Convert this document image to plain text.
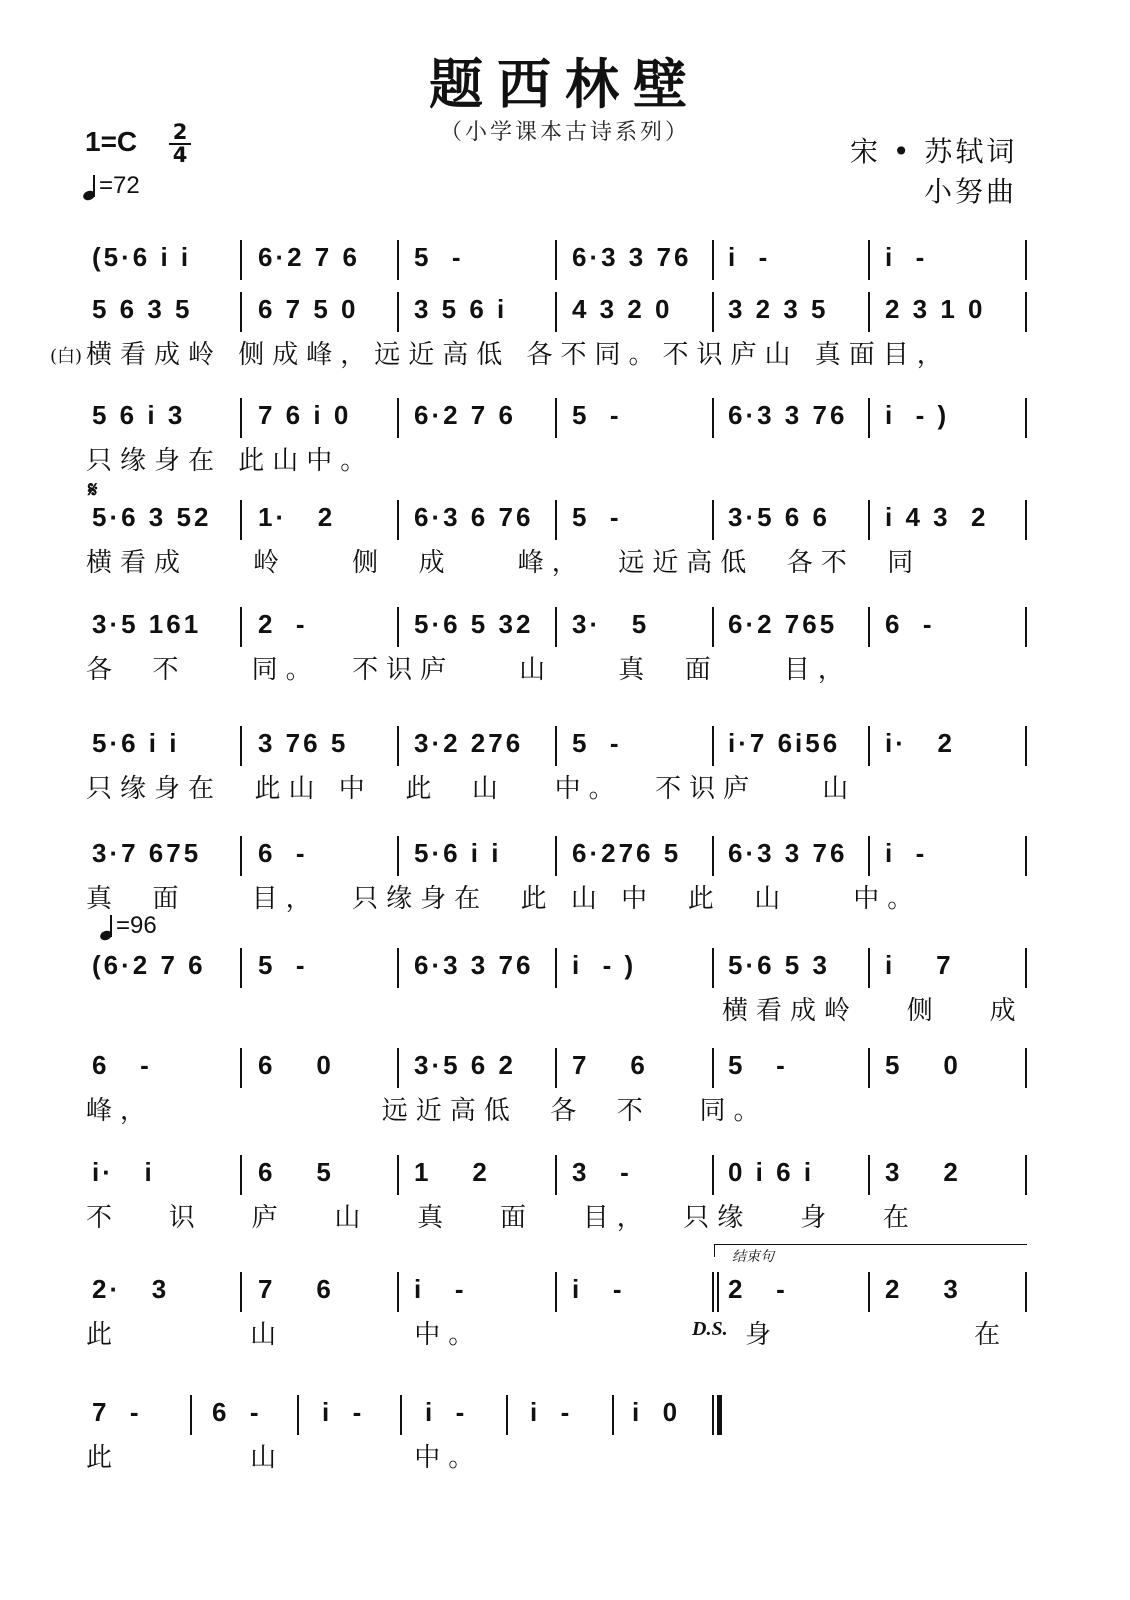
题西林壁
（小学课本古诗系列）
1=C 2
4
=72
宋 • 苏轼词
小努曲
=96
(5·6 i i	6·2 7 6 5  -	6·3 3 76 i  -	i  -
5 6 3 5	6 7 5 0 3 5 6 i 4 3 2 0 3 2 3 5 2 3 1 0
(白) 横看成岭 侧成峰，远近高低 各不同。不识庐山 真面目，
5 6 i 3	7 6 i 0 6·2 7 6 5  -	6·3 3 76 i  - )
只缘身在 此山中。
5·6 3 52 1·   2	6·3 6 76 5  -	3·5 6 6 i 4 3  2
𝄋
横看成    岭    侧  成    峰，  远近高低  各不  同
3·5 161 2  -	5·6 5 32 3·   5	6·2 765 6  -
各  不    同。  不识庐    山    真  面    目，
5·6 i i	3 76 5	3·2 276 5  -	i·7 6i56 i·   2
只缘身在  此山 中  此  山   中。  不识庐    山
3·7 675 6  -	5·6 i i	6·276 5 6·3 3 76 i  -
真  面    目，  只缘身在  此 山 中  此  山    中。
(6·2 7 6 5  -	6·3 3 76 i  - )	5·6 5 3 i    7
横看成岭   侧   成
6   -	6    0	3·5 6 2 7    6	5   -	5    0
峰，              远近高低  各  不   同。
i·   i	6    5	1    2	3   -	0 i 6 i	3    2
不   识   庐   山   真   面   目，  只缘   身   在
2·   3	7    6	i   -	i   -	2   -	2    3
结束句
D.S.
此        山        中。	身            在
7  -	6  - i  - i  - i  - i  0
此        山        中。
